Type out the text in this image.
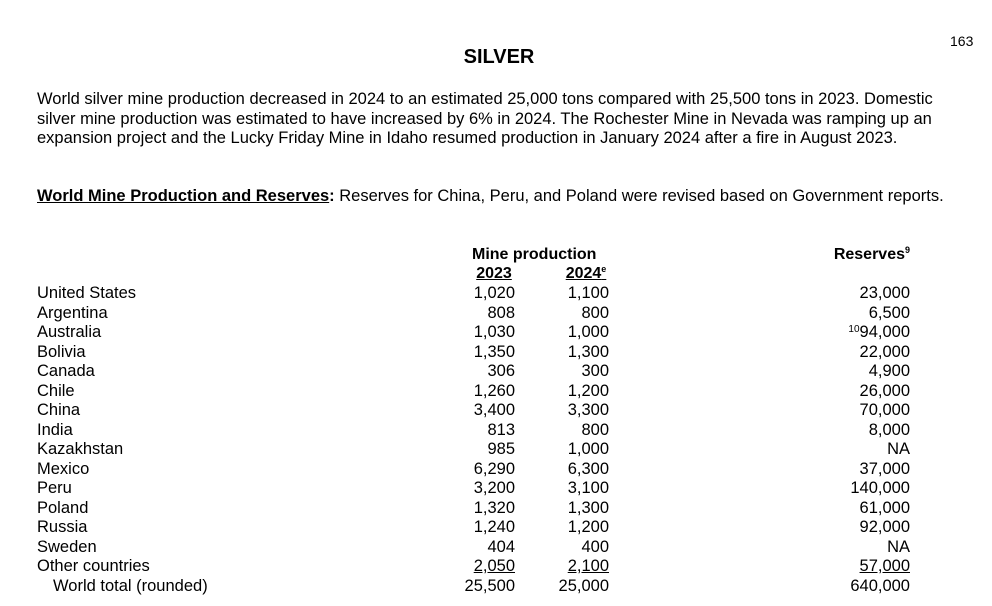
163
SILVER
World silver mine production decreased in 2024 to an estimated 25,000 tons compared with 25,500 tons in 2023. Domestic silver mine production was estimated to have increased by 6% in 2024. The Rochester Mine in Nevada was ramping up an expansion project and the Lucky Friday Mine in Idaho resumed production in January 2024 after a fire in August 2023.
World Mine Production and Reserves: Reserves for China, Peru, and Poland were revised based on Government reports.
Mine production	Reserves$^9$
2023	2024e
United States	1,020	1,100	23,000
Argentina	808	800	6,500
Australia	1,030	1,000	$^{10}$94,000
Bolivia	1,350	1,300	22,000
Canada	306	300	4,900
Chile	1,260	1,200	26,000
China	3,400	3,300	70,000
India	813	800	8,000
Kazakhstan	985	1,000	NA
Mexico	6,290	6,300	37,000
Peru	3,200	3,100	140,000
Poland	1,320	1,300	61,000
Russia	1,240	1,200	92,000
Sweden	404	400	NA
Other countries	2,050	2,100	57,000
World total (rounded)	25,500	25,000	640,000
